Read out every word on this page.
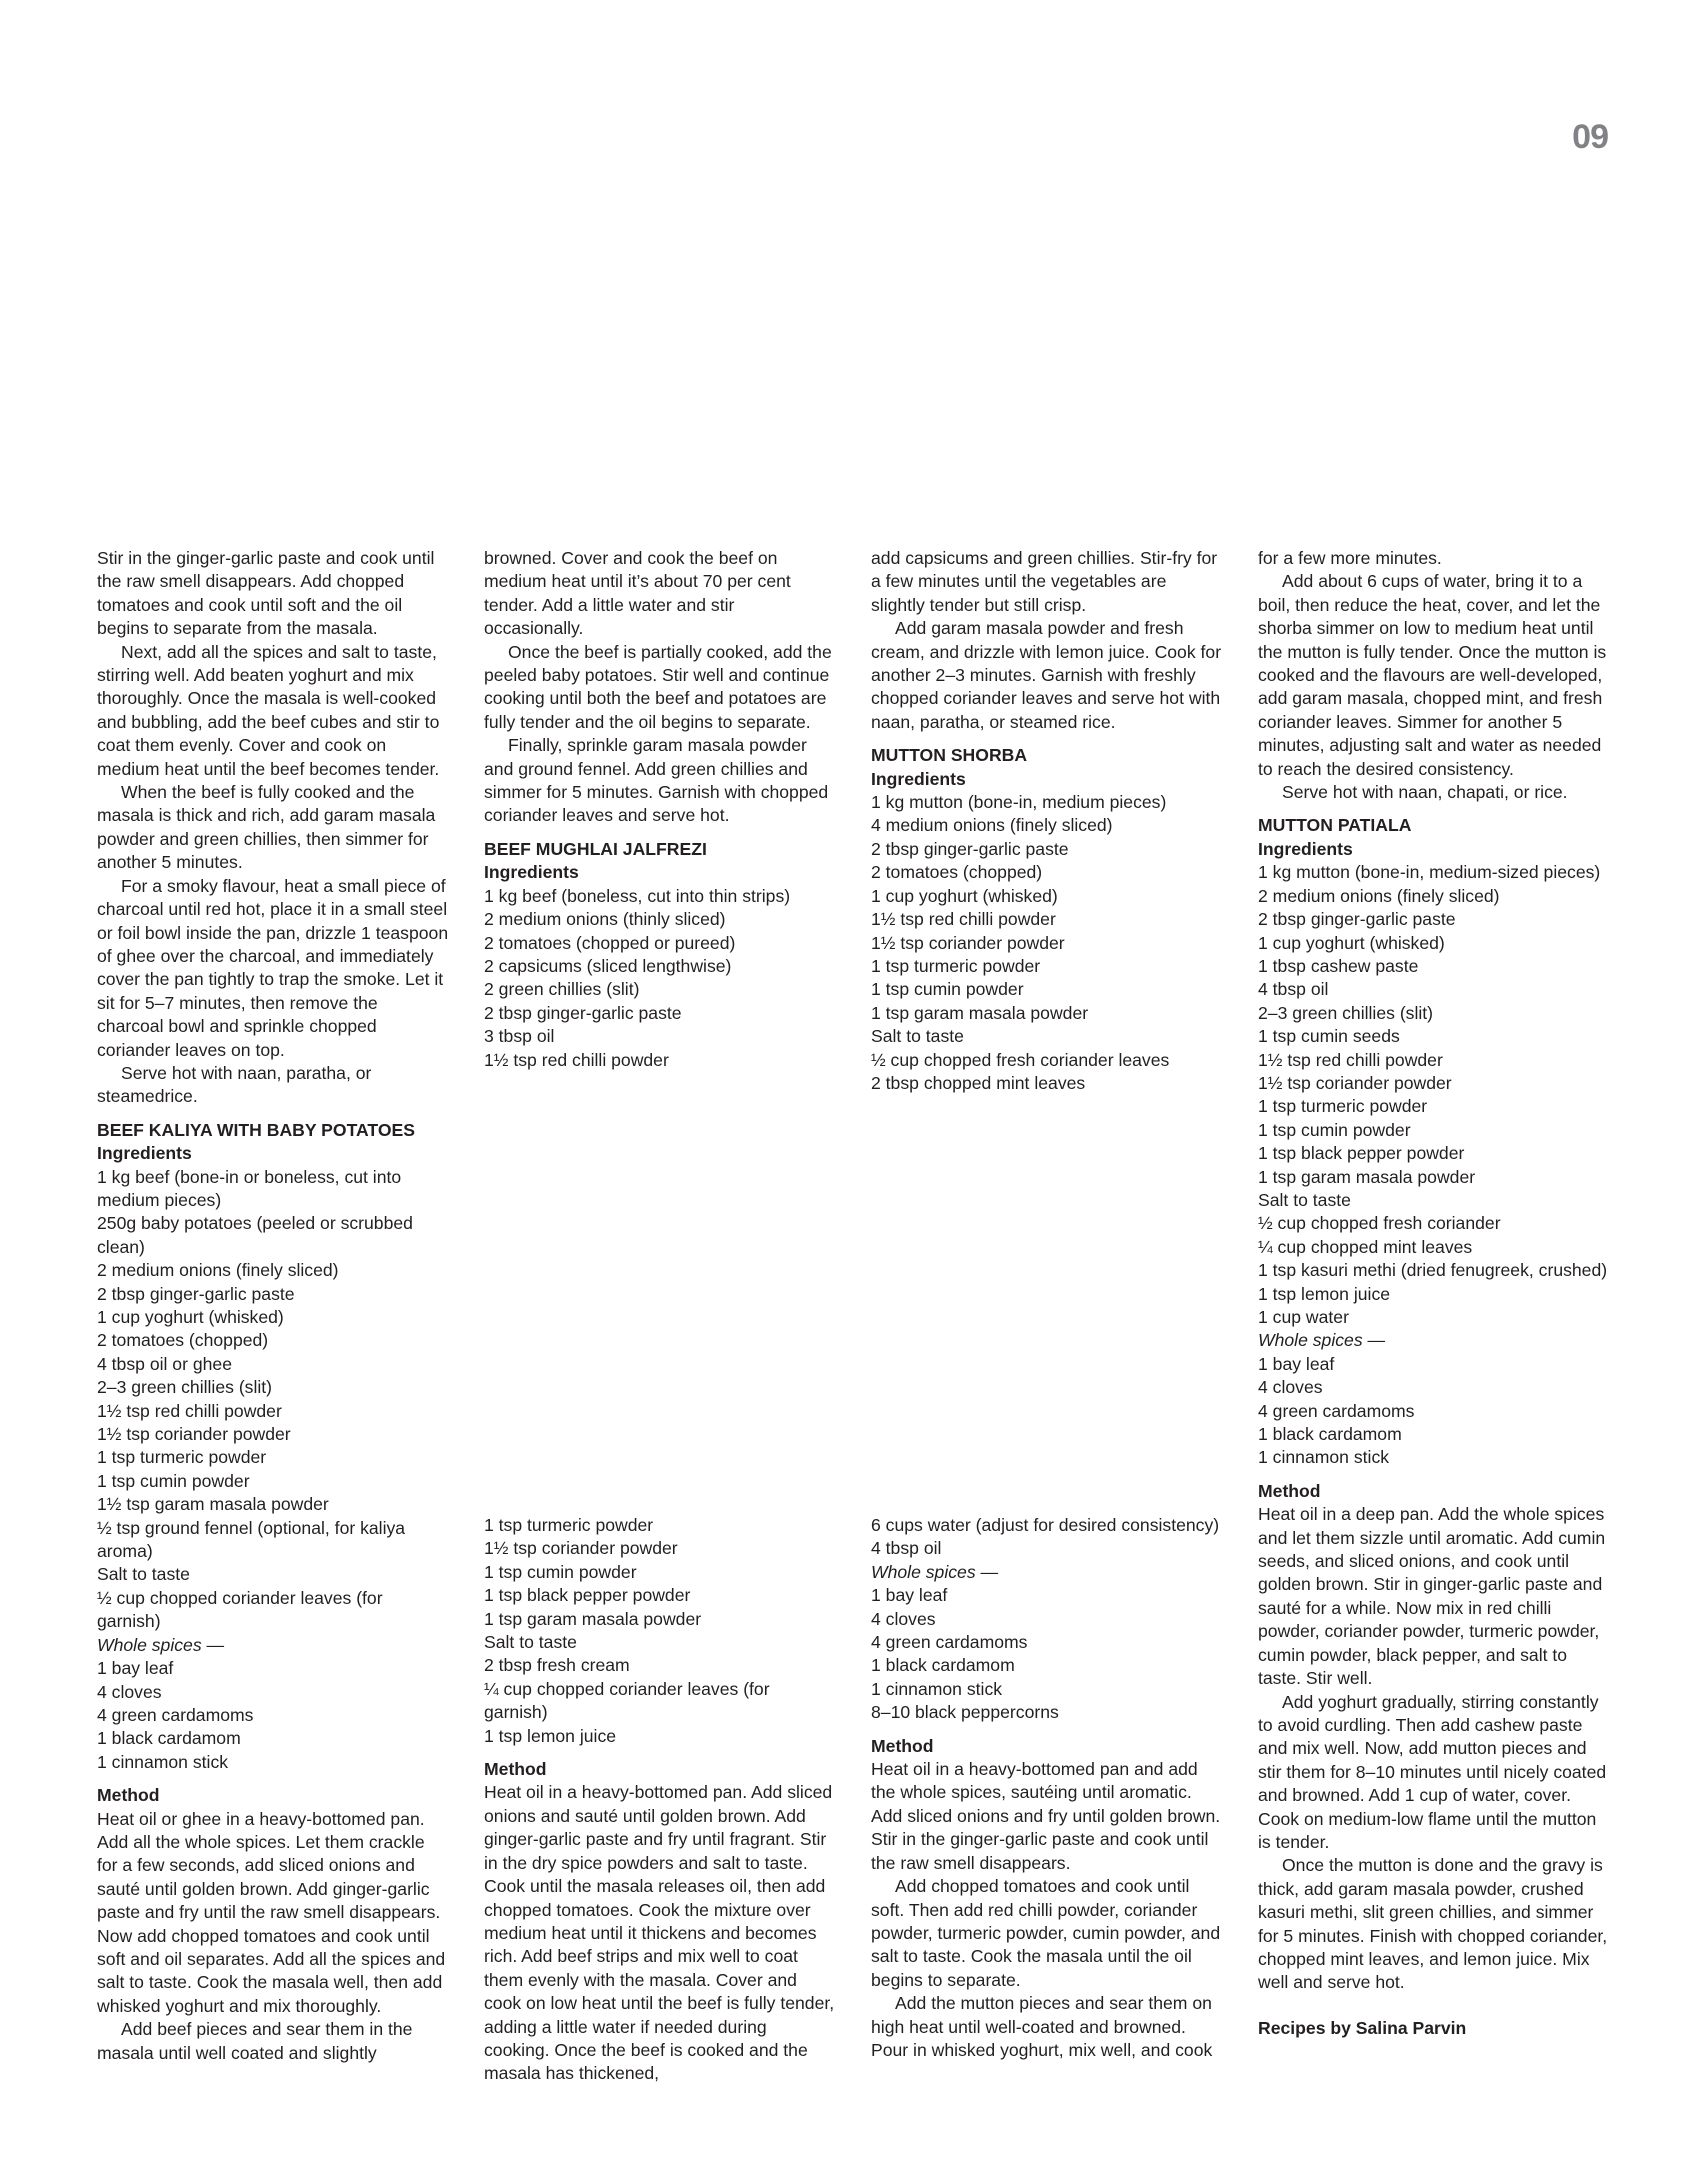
09

Stir in the ginger-garlic paste and cook until the raw smell disappears. Add chopped tomatoes and cook until soft and the oil begins to separate from the masala.

Next, add all the spices and salt to taste, stirring well. Add beaten yoghurt and mix thoroughly. Once the masala is well-cooked and bubbling, add the beef cubes and stir to coat them evenly. Cover and cook on medium heat until the beef becomes tender.

When the beef is fully cooked and the masala is thick and rich, add garam masala powder and green chillies, then simmer for another 5 minutes.

For a smoky flavour, heat a small piece of charcoal until red hot, place it in a small steel or foil bowl inside the pan, drizzle 1 teaspoon of ghee over the charcoal, and immediately cover the pan tightly to trap the smoke. Let it sit for 5–7 minutes, then remove the charcoal bowl and sprinkle chopped coriander leaves on top.

Serve hot with naan, paratha, or steamedrice.

BEEF KALIYA WITH BABY POTATOES

Ingredients

1 kg beef (bone-in or boneless, cut into medium pieces)

250g baby potatoes (peeled or scrubbed clean)

2 medium onions (finely sliced)

2 tbsp ginger-garlic paste

1 cup yoghurt (whisked)

2 tomatoes (chopped)

4 tbsp oil or ghee

2–3 green chillies (slit)

1½ tsp red chilli powder

1½ tsp coriander powder

1 tsp turmeric powder

1 tsp cumin powder

1½ tsp garam masala powder

½ tsp ground fennel (optional, for kaliya aroma)

Salt to taste

½ cup chopped coriander leaves (for garnish)

Whole spices —

1 bay leaf

4 cloves

4 green cardamoms

1 black cardamom

1 cinnamon stick

Method

Heat oil or ghee in a heavy-bottomed pan. Add all the whole spices. Let them crackle for a few seconds, add sliced onions and sauté until golden brown. Add ginger-garlic paste and fry until the raw smell disappears. Now add chopped tomatoes and cook until soft and oil separates. Add all the spices and salt to taste. Cook the masala well, then add whisked yoghurt and mix thoroughly.

Add beef pieces and sear them in the masala until well coated and slightly

browned. Cover and cook the beef on medium heat until it’s about 70 per cent tender. Add a little water and stir occasionally.

Once the beef is partially cooked, add the peeled baby potatoes. Stir well and continue cooking until both the beef and potatoes are fully tender and the oil begins to separate.

Finally, sprinkle garam masala powder and ground fennel. Add green chillies and simmer for 5 minutes. Garnish with chopped coriander leaves and serve hot.

BEEF MUGHLAI JALFREZI

Ingredients

1 kg beef (boneless, cut into thin strips)

2 medium onions (thinly sliced)

2 tomatoes (chopped or pureed)

2 capsicums (sliced lengthwise)

2 green chillies (slit)

2 tbsp ginger-garlic paste

3 tbsp oil

1½ tsp red chilli powder

1 tsp turmeric powder

1½ tsp coriander powder

1 tsp cumin powder

1 tsp black pepper powder

1 tsp garam masala powder

Salt to taste

2 tbsp fresh cream

¼ cup chopped coriander leaves (for garnish)

1 tsp lemon juice

Method

Heat oil in a heavy-bottomed pan. Add sliced onions and sauté until golden brown. Add ginger-garlic paste and fry until fragrant. Stir in the dry spice powders and salt to taste. Cook until the masala releases oil, then add chopped tomatoes. Cook the mixture over medium heat until it thickens and becomes rich. Add beef strips and mix well to coat them evenly with the masala. Cover and cook on low heat until the beef is fully tender, adding a little water if needed during cooking. Once the beef is cooked and the masala has thickened,

add capsicums and green chillies. Stir-fry for a few minutes until the vegetables are slightly tender but still crisp.

Add garam masala powder and fresh cream, and drizzle with lemon juice. Cook for another 2–3 minutes. Garnish with freshly chopped coriander leaves and serve hot with naan, paratha, or steamed rice.

MUTTON SHORBA

Ingredients

1 kg mutton (bone-in, medium pieces)

4 medium onions (finely sliced)

2 tbsp ginger-garlic paste

2 tomatoes (chopped)

1 cup yoghurt (whisked)

1½ tsp red chilli powder

1½ tsp coriander powder

1 tsp turmeric powder

1 tsp cumin powder

1 tsp garam masala powder

Salt to taste

½ cup chopped fresh coriander leaves

2 tbsp chopped mint leaves

6 cups water (adjust for desired consistency)

4 tbsp oil

Whole spices —

1 bay leaf

4 cloves

4 green cardamoms

1 black cardamom

1 cinnamon stick

8–10 black peppercorns

Method

Heat oil in a heavy-bottomed pan and add the whole spices, sautéing until aromatic. Add sliced onions and fry until golden brown. Stir in the ginger-garlic paste and cook until the raw smell disappears.

Add chopped tomatoes and cook until soft. Then add red chilli powder, coriander powder, turmeric powder, cumin powder, and salt to taste. Cook the masala until the oil begins to separate.

Add the mutton pieces and sear them on high heat until well-coated and browned. Pour in whisked yoghurt, mix well, and cook

for a few more minutes.

Add about 6 cups of water, bring it to a boil, then reduce the heat, cover, and let the shorba simmer on low to medium heat until the mutton is fully tender. Once the mutton is cooked and the flavours are well-developed, add garam masala, chopped mint, and fresh coriander leaves. Simmer for another 5 minutes, adjusting salt and water as needed to reach the desired consistency.

Serve hot with naan, chapati, or rice.

MUTTON PATIALA

Ingredients

1 kg mutton (bone-in, medium-sized pieces)

2 medium onions (finely sliced)

2 tbsp ginger-garlic paste

1 cup yoghurt (whisked)

1 tbsp cashew paste

4 tbsp oil

2–3 green chillies (slit)

1 tsp cumin seeds

1½ tsp red chilli powder

1½ tsp coriander powder

1 tsp turmeric powder

1 tsp cumin powder

1 tsp black pepper powder

1 tsp garam masala powder

Salt to taste

½ cup chopped fresh coriander

¼ cup chopped mint leaves

1 tsp kasuri methi (dried fenugreek, crushed)

1 tsp lemon juice

1 cup water

Whole spices —

1 bay leaf

4 cloves

4 green cardamoms

1 black cardamom

1 cinnamon stick

Method

Heat oil in a deep pan. Add the whole spices and let them sizzle until aromatic. Add cumin seeds, and sliced onions, and cook until golden brown. Stir in ginger-garlic paste and sauté for a while. Now mix in red chilli powder, coriander powder, turmeric powder, cumin powder, black pepper, and salt to taste. Stir well.

Add yoghurt gradually, stirring constantly to avoid curdling. Then add cashew paste and mix well. Now, add mutton pieces and stir them for 8–10 minutes until nicely coated and browned. Add 1 cup of water, cover. Cook on medium-low flame until the mutton is tender.

Once the mutton is done and the gravy is thick, add garam masala powder, crushed kasuri methi, slit green chillies, and simmer for 5 minutes. Finish with chopped coriander, chopped mint leaves, and lemon juice. Mix well and serve hot.

Recipes by Salina Parvin
